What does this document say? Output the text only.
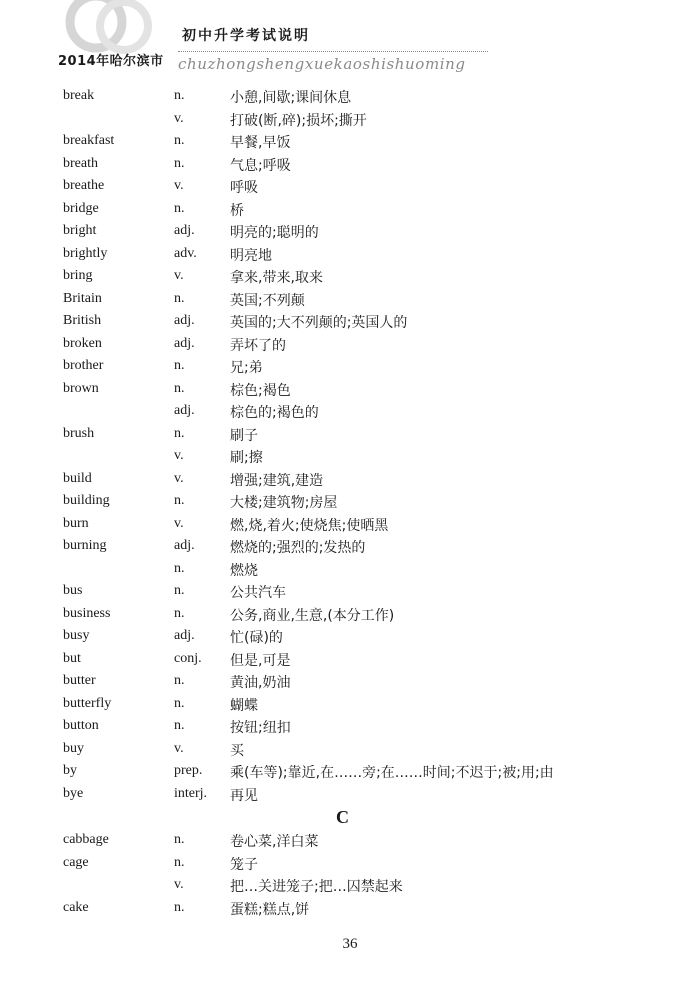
2014年哈尔滨市
初中升学考试说明
chuzhongshengxuekaoshishuoming
break	n.	小憩,间歇;课间休息
v.	打破(断,碎);损坏;撕开
breakfast	n.	早餐,早饭
breath	n.	气息;呼吸
breathe	v.	呼吸
bridge	n.	桥
bright	adj.	明亮的;聪明的
brightly	adv. 明亮地
bring	v.	拿来,带来,取来
Britain	n.	英国;不列颠
British	adj.	英国的;大不列颠的;英国人的
broken	adj.	弄坏了的
brother	n.	兄;弟
brown	n.	棕色;褐色
adj.	棕色的;褐色的
brush	n.	刷子
v.	刷;擦
build	v.	增强;建筑,建造
building	n.	大楼;建筑物;房屋
burn	v.	燃,烧,着火;使烧焦;使晒黑
burning	adj.	燃烧的;强烈的;发热的
n.	燃烧
bus	n.	公共汽车
business	n.	公务,商业,生意,(本分工作)
busy	adj.	忙(碌)的
but	conj. 但是,可是
butter	n.	黄油,奶油
butterfly	n.	蝴蝶
button	n.	按钮;纽扣
buy	v.	买
by	prep. 乘(车等);靠近,在……旁;在……时间;不迟于;被;用;由
bye	interj. 再见
C
cabbage	n.	卷心菜,洋白菜
cage	n.	笼子
v.	把…关进笼子;把…囚禁起来
cake	n.	蛋糕;糕点,饼
36
